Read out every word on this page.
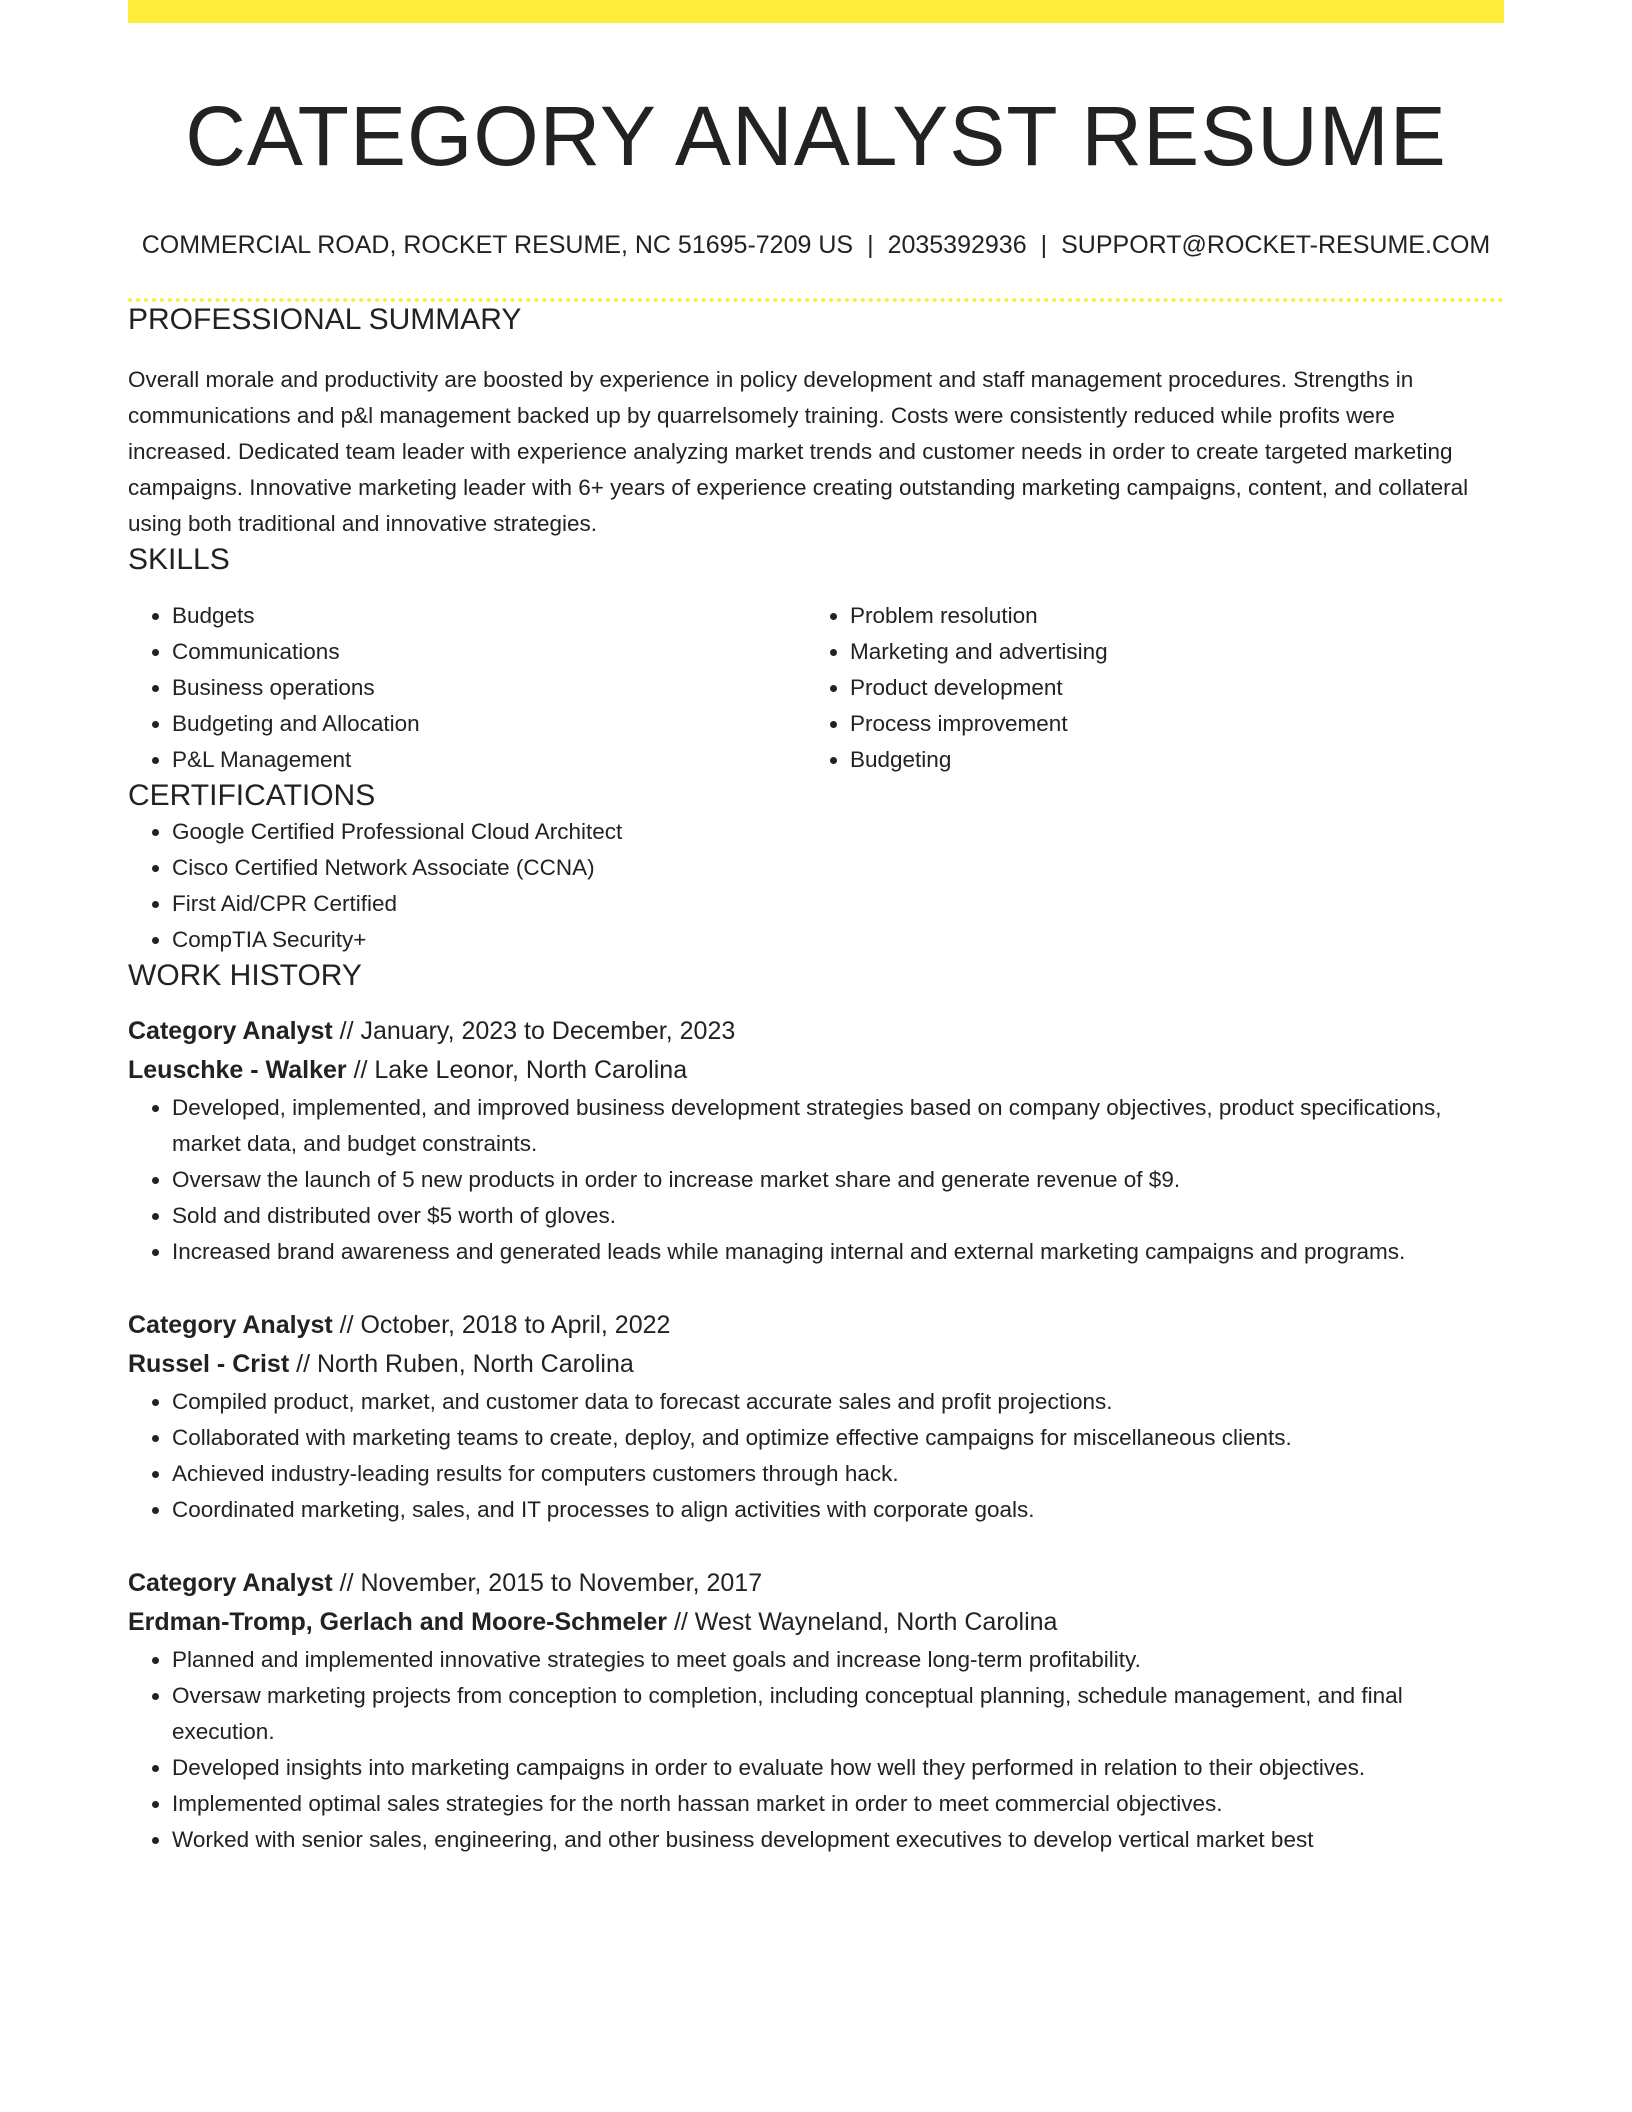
CATEGORY ANALYST RESUME
COMMERCIAL ROAD, ROCKET RESUME, NC 51695-7209 US | 2035392936 | SUPPORT@ROCKET-RESUME.COM
PROFESSIONAL SUMMARY

Overall morale and productivity are boosted by experience in policy development and staff management procedures. Strengths in communications and p&l management backed up by quarrelsomely training. Costs were consistently reduced while profits were increased. Dedicated team leader with experience analyzing market trends and customer needs in order to create targeted marketing campaigns. Innovative marketing leader with 6+ years of experience creating outstanding marketing campaigns, content, and collateral using both traditional and innovative strategies.

SKILLS
• Budgets
• Communications
• Business operations
• Budgeting and Allocation
• P&L Management
• Problem resolution
• Marketing and advertising
• Product development
• Process improvement
• Budgeting
CERTIFICATIONS
• Google Certified Professional Cloud Architect
• Cisco Certified Network Associate (CCNA)
• First Aid/CPR Certified
• CompTIA Security+
WORK HISTORY
Category Analyst // January, 2023 to December, 2023
Leuschke - Walker // Lake Leonor, North Carolina
• Developed, implemented, and improved business development strategies based on company objectives, product specifications, market data, and budget constraints.
• Oversaw the launch of 5 new products in order to increase market share and generate revenue of $9.
• Sold and distributed over $5 worth of gloves.
• Increased brand awareness and generated leads while managing internal and external marketing campaigns and programs.
Category Analyst // October, 2018 to April, 2022
Russel - Crist // North Ruben, North Carolina
• Compiled product, market, and customer data to forecast accurate sales and profit projections.
• Collaborated with marketing teams to create, deploy, and optimize effective campaigns for miscellaneous clients.
• Achieved industry-leading results for computers customers through hack.
• Coordinated marketing, sales, and IT processes to align activities with corporate goals.
Category Analyst // November, 2015 to November, 2017
Erdman-Tromp, Gerlach and Moore-Schmeler // West Wayneland, North Carolina
• Planned and implemented innovative strategies to meet goals and increase long-term profitability.
• Oversaw marketing projects from conception to completion, including conceptual planning, schedule management, and final execution.
• Developed insights into marketing campaigns in order to evaluate how well they performed in relation to their objectives.
• Implemented optimal sales strategies for the north hassan market in order to meet commercial objectives.
• Worked with senior sales, engineering, and other business development executives to develop vertical market best
